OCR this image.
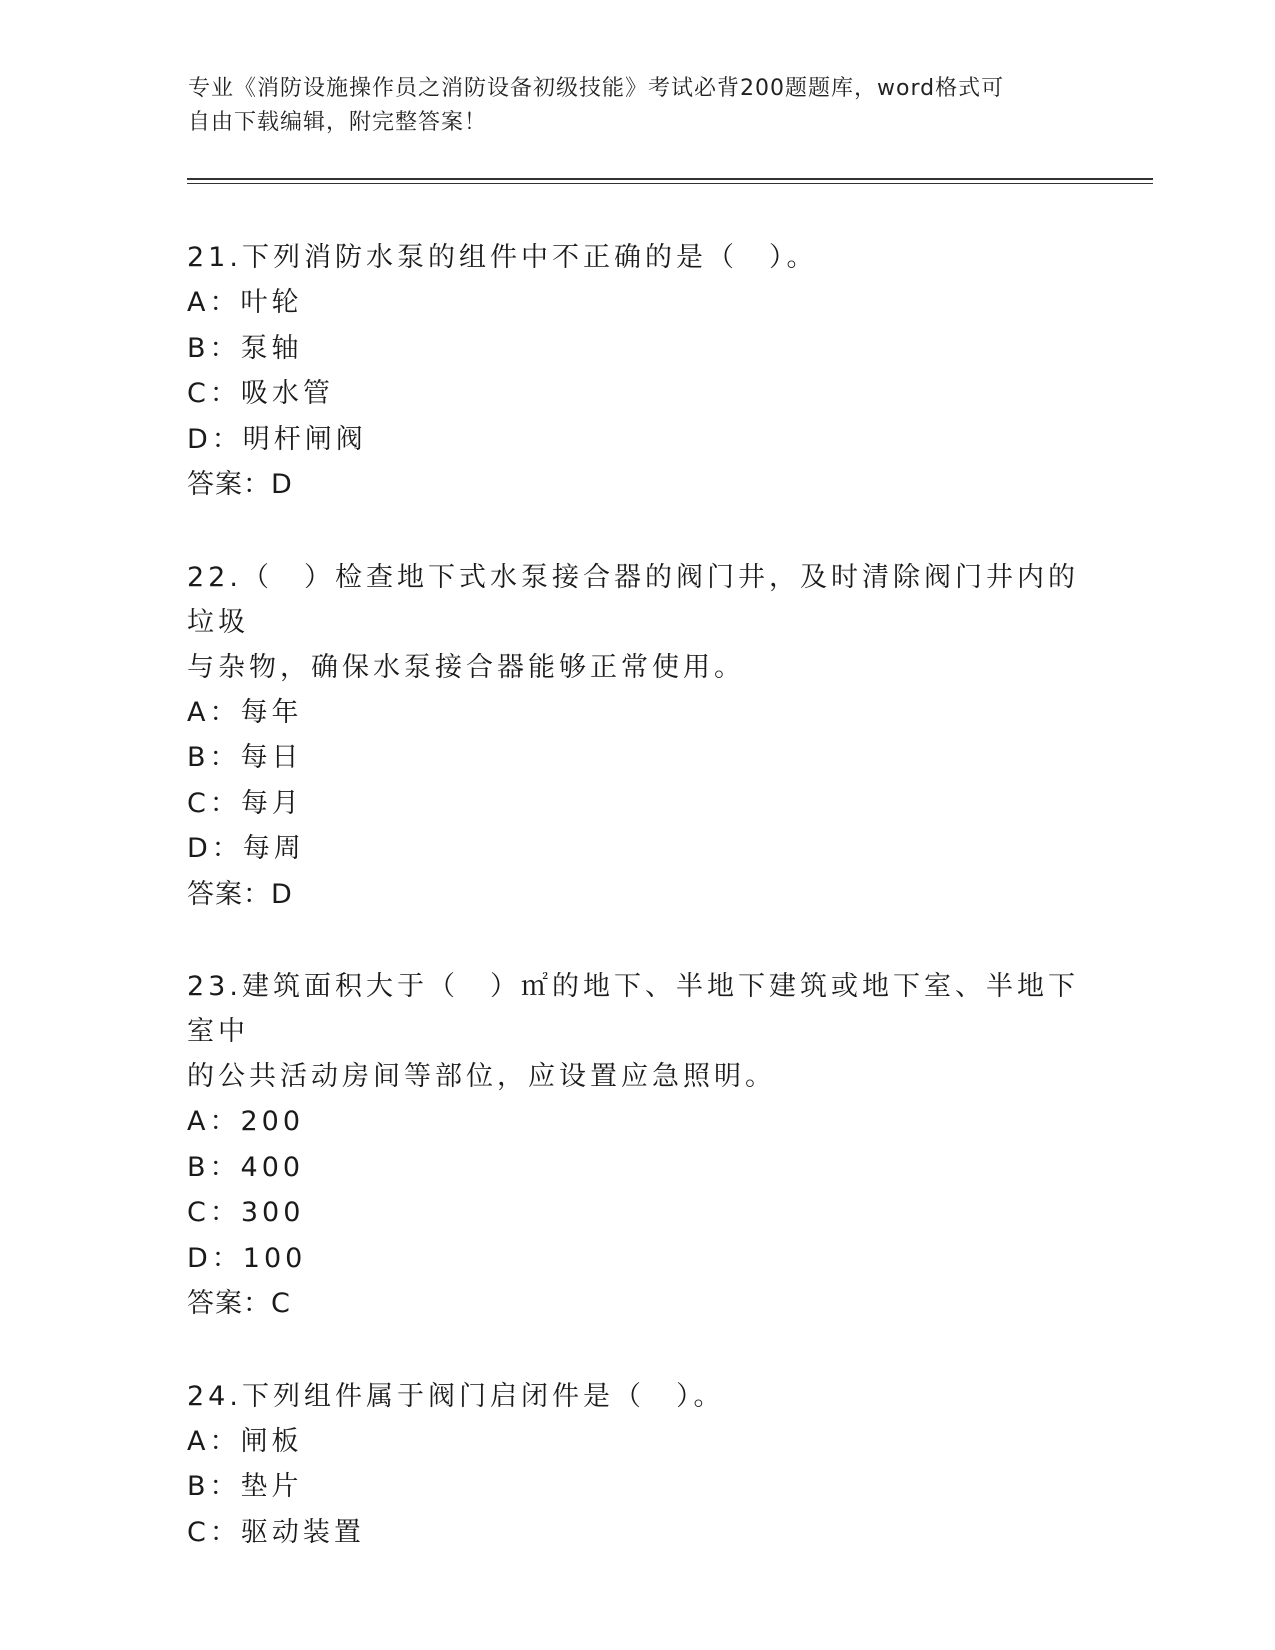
专业《消防设施操作员之消防设备初级技能》考试必背200题题库，word格式可
自由下载编辑，附完整答案！

21.下列消防水泵的组件中不正确的是（　）。

A：叶轮

B：泵轴

C：吸水管

D：明杆闸阀

答案：D

22.（　）检查地下式水泵接合器的阀门井，及时清除阀门井内的垃圾

与杂物，确保水泵接合器能够正常使用。

A：每年

B：每日

C：每月

D：每周

答案：D

23.建筑面积大于（　）㎡的地下、半地下建筑或地下室、半地下室中

的公共活动房间等部位，应设置应急照明。

A：200

B：400

C：300

D：100

答案：C

24.下列组件属于阀门启闭件是（　）。

A：闸板

B：垫片

C：驱动装置
